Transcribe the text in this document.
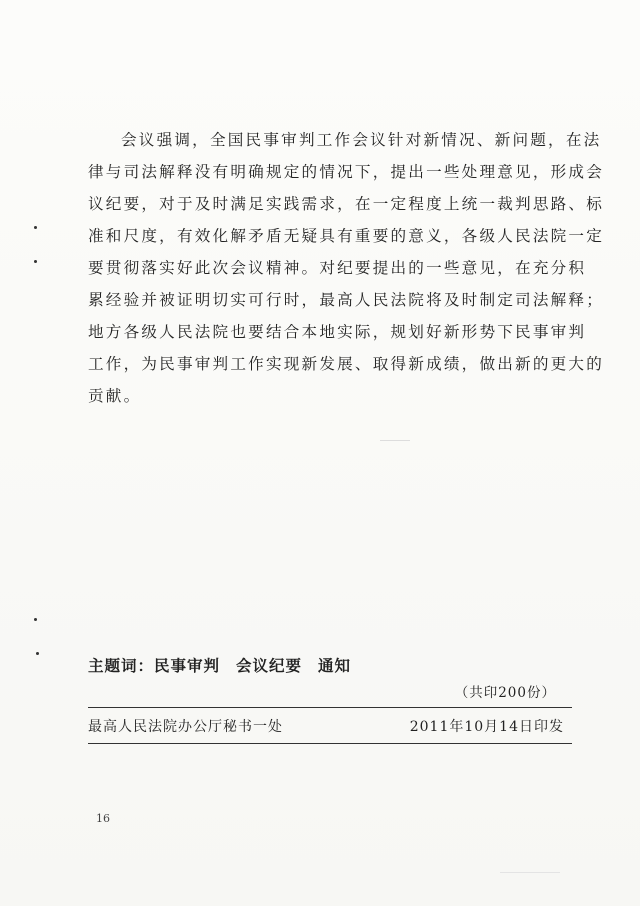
会议强调，全国民事审判工作会议针对新情况、新问题，在法
律与司法解释没有明确规定的情况下，提出一些处理意见，形成会
议纪要，对于及时满足实践需求，在一定程度上统一裁判思路、标
准和尺度，有效化解矛盾无疑具有重要的意义，各级人民法院一定
要贯彻落实好此次会议精神。对纪要提出的一些意见，在充分积
累经验并被证明切实可行时，最高人民法院将及时制定司法解释；
地方各级人民法院也要结合本地实际，规划好新形势下民事审判
工作，为民事审判工作实现新发展、取得新成绩，做出新的更大的
贡献。
主题词：民事审判 会议纪要 通知
（共印200份）
最高人民法院办公厅秘书一处	2011年10月14日印发
16
